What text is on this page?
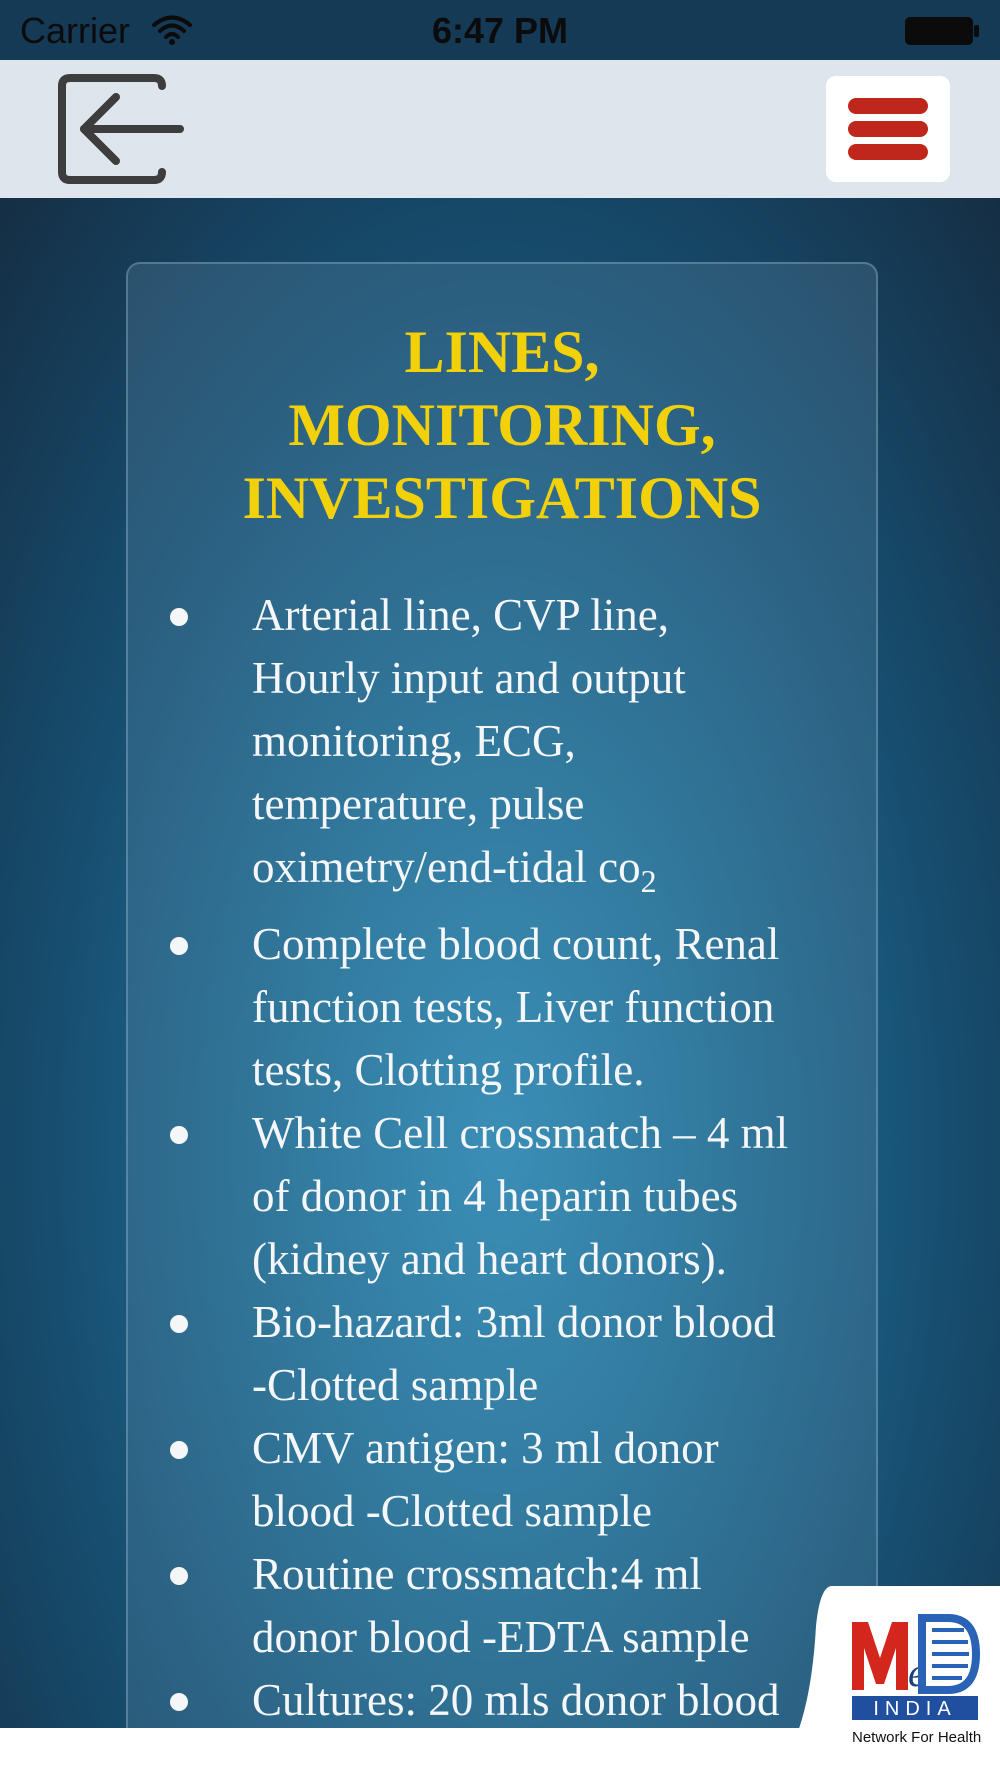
Carrier	6:47 PM
LINES,
MONITORING,
INVESTIGATIONS
Arterial line, CVP line,
Hourly input and output
monitoring, ECG,
temperature, pulse
oximetry/end-tidal $co_2$
Complete blood count, Renal
function tests, Liver function
tests, Clotting profile.
White Cell crossmatch – 4 ml
of donor in 4 heparin tubes
(kidney and heart donors).
Bio-hazard: 3ml donor blood
-Clotted sample
CMV antigen: 3 ml donor
blood -Clotted sample
Routine crossmatch:4 ml
donor blood -EDTA sample
Cultures: 20 mls donor blood
e
INDIA
Network For Health
